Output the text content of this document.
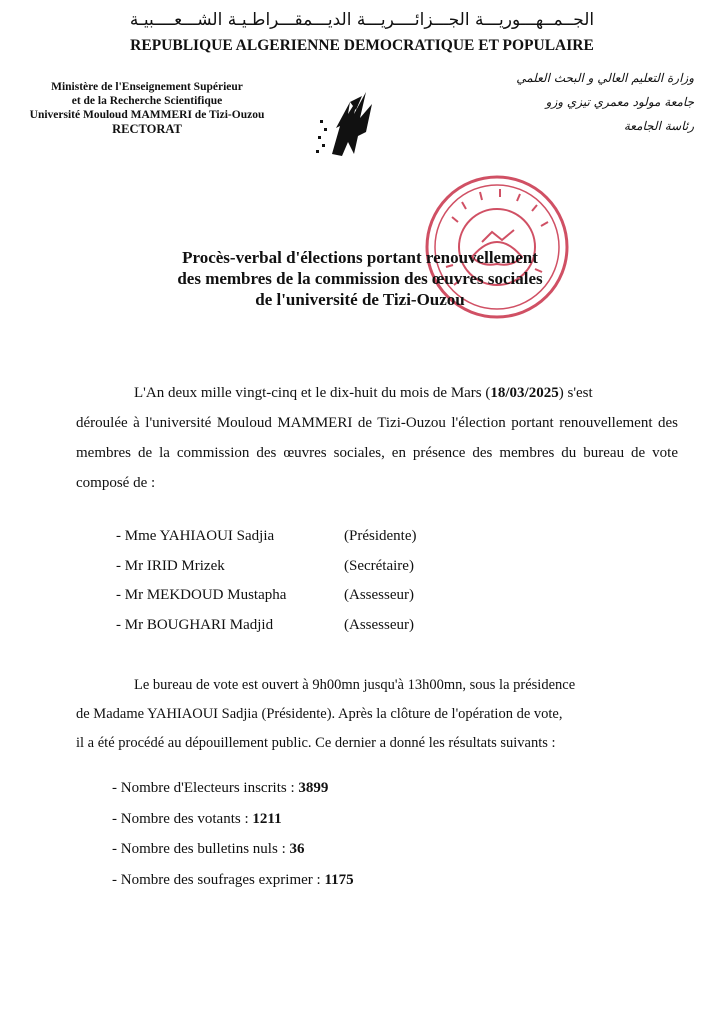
الجــمــهـــوريـــة الجـــزائــــريـــة الديـــمقـــراطـيـة الشـــعــــبيـة
REPUBLIQUE ALGERIENNE DEMOCRATIQUE ET POPULAIRE
Ministère de l'Enseignement Supérieur
et de la Recherche Scientifique
Université Mouloud MAMMERI de Tizi-Ouzou
RECTORAT
وزارة التعليم العالي و البحث العلمي
جامعة مولود معمري تيزي وزو
رئاسة الجامعة
Procès-verbal d'élections portant renouvellement
des membres de la commission des œuvres sociales
de l'université de Tizi-Ouzou
L'An deux mille vingt-cinq et le dix-huit du mois de Mars (18/03/2025) s'est
déroulée à l'université Mouloud MAMMERI de Tizi-Ouzou l'élection portant renouvellement des membres de la commission des œuvres sociales, en présence des membres du bureau de vote composé de :
- Mme YAHIAOUI Sadjia	(Présidente)
- Mr IRID Mrizek	(Secrétaire)
- Mr MEKDOUD Mustapha	(Assesseur)
- Mr BOUGHARI Madjid	(Assesseur)
Le bureau de vote est ouvert à 9h00mn jusqu'à 13h00mn, sous la présidence
de Madame YAHIAOUI Sadjia (Présidente). Après la clôture de l'opération de vote,
il a été procédé au dépouillement public. Ce dernier a donné les résultats suivants :
- Nombre d'Electeurs inscrits : 3899
- Nombre des votants : 1211
- Nombre des bulletins nuls : 36
- Nombre des soufrages exprimer : 1175
